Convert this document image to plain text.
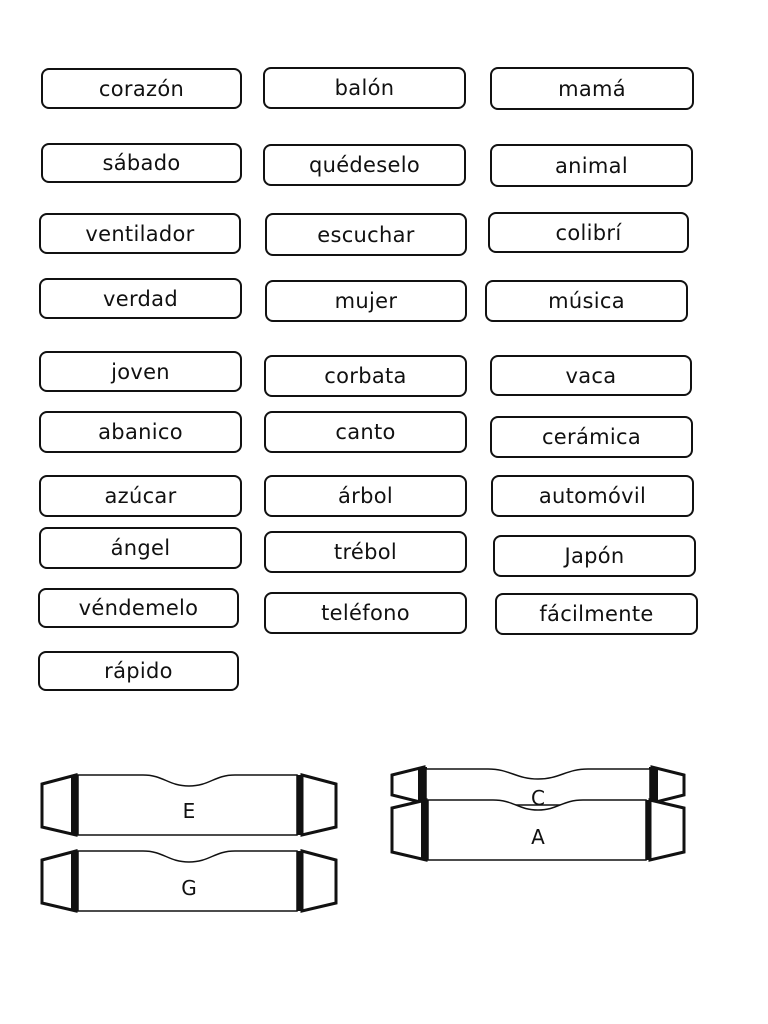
corazón	balón	mamá
sábado	quédeselo	animal
ventilador	escuchar	colibrí
verdad	mujer	música
joven	corbata	vaca
abanico	canto	cerámica
azúcar	árbol	automóvil
ángel	trébol	Japón
véndemelo	teléfono	fácilmente
rápido
C
E
A
G
